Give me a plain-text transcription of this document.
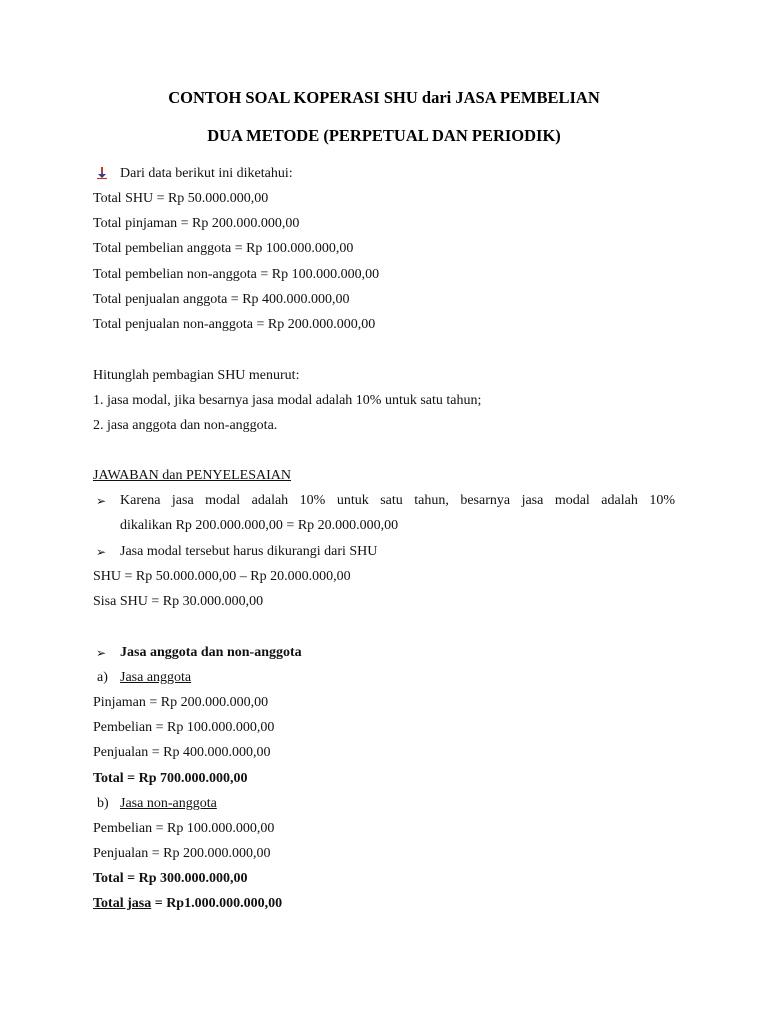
CONTOH SOAL KOPERASI SHU dari JASA PEMBELIAN
DUA METODE (PERPETUAL DAN PERIODIK)
Dari data berikut ini diketahui:
Total SHU = Rp 50.000.000,00
Total pinjaman = Rp 200.000.000,00
Total pembelian anggota = Rp 100.000.000,00
Total pembelian non-anggota = Rp 100.000.000,00
Total penjualan anggota = Rp 400.000.000,00
Total penjualan non-anggota = Rp 200.000.000,00
Hitunglah pembagian SHU menurut:
1. jasa modal, jika besarnya jasa modal adalah 10% untuk satu tahun;
2. jasa anggota dan non-anggota.
JAWABAN dan PENYELESAIAN
➢ Karena jasa modal adalah 10% untuk satu tahun, besarnya jasa modal adalah 10%
dikalikan Rp 200.000.000,00 = Rp 20.000.000,00
➢ Jasa modal tersebut harus dikurangi dari SHU
SHU = Rp 50.000.000,00 – Rp 20.000.000,00
Sisa SHU = Rp 30.000.000,00
➢ Jasa anggota dan non-anggota
a) Jasa anggota
Pinjaman = Rp 200.000.000,00
Pembelian = Rp 100.000.000,00
Penjualan = Rp 400.000.000,00
Total = Rp 700.000.000,00
b) Jasa non-anggota
Pembelian = Rp 100.000.000,00
Penjualan = Rp 200.000.000,00
Total = Rp 300.000.000,00
Total jasa = Rp1.000.000.000,00
